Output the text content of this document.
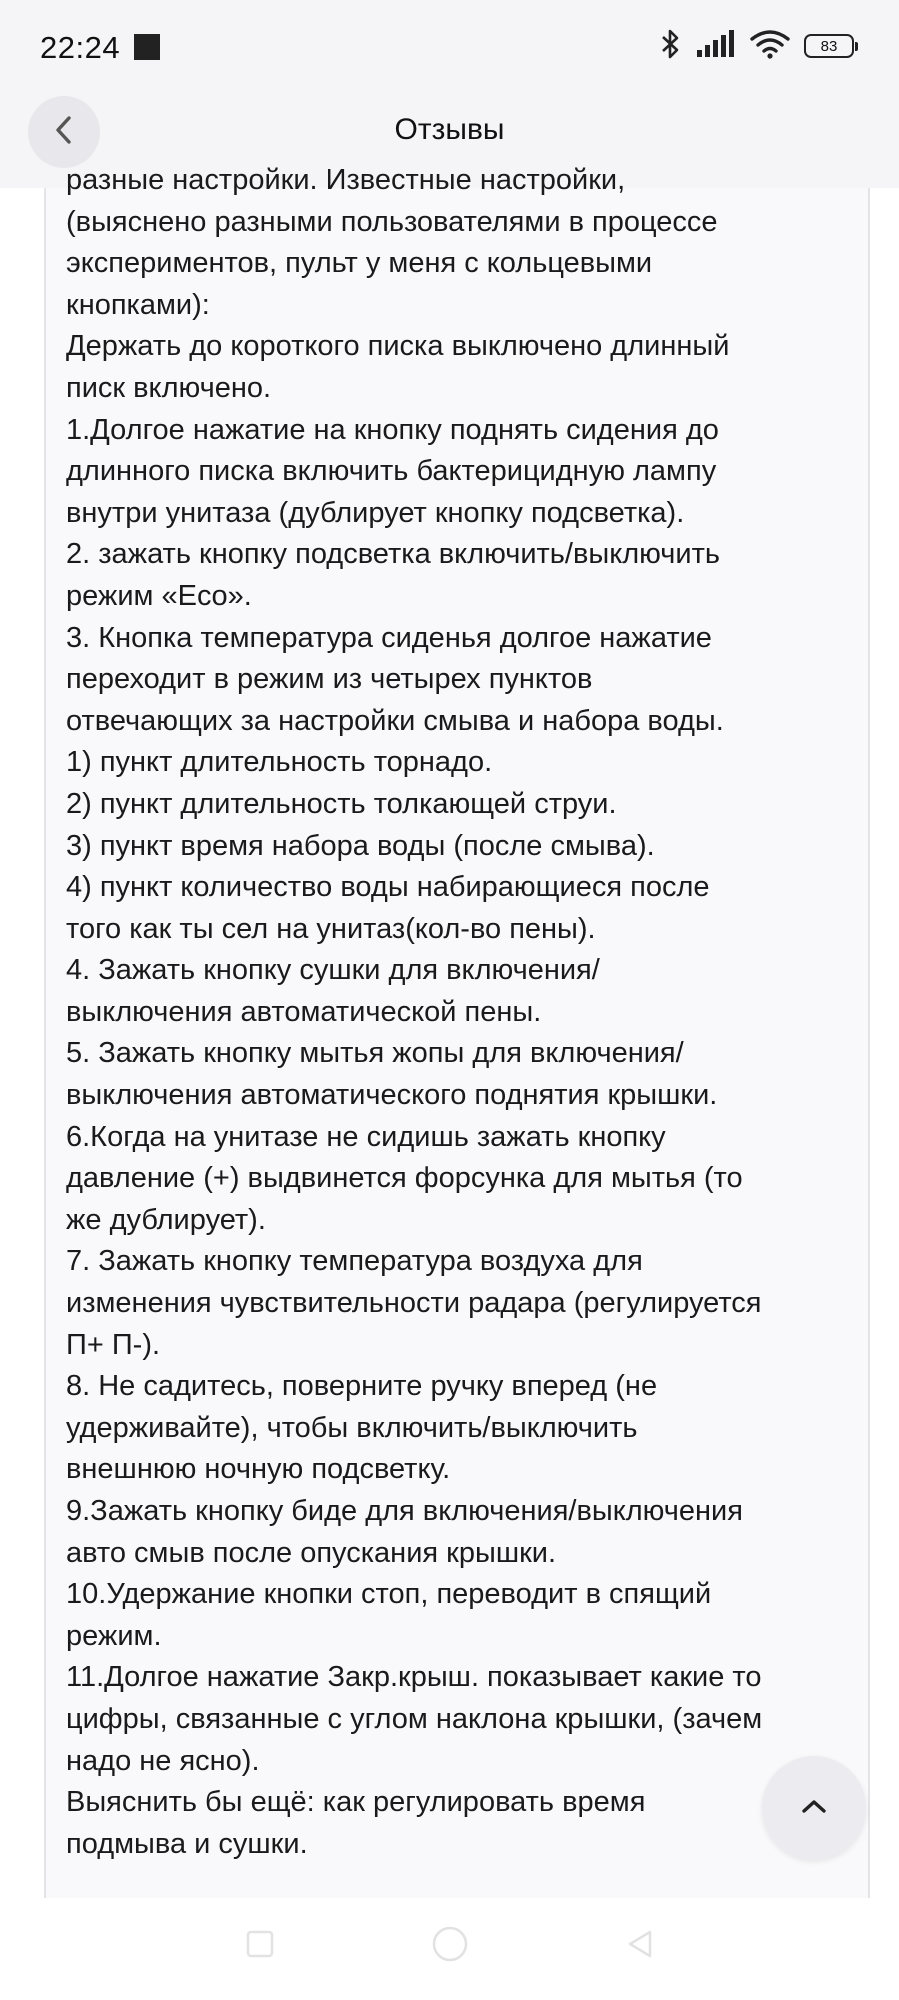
22:24	83
Отзывы
разные настройки. Известные настройки,
(выяснено разными пользователями в процессе
экспериментов, пульт у меня с кольцевыми
кнопками):
Держать до короткого писка выключено длинный
писк включено.
1.Долгое нажатие на кнопку поднять сидения до
длинного писка включить бактерицидную лампу
внутри унитаза (дублирует кнопку подсветка).
2. зажать кнопку подсветка включить/выключить
режим «Eco».
3. Кнопка температура сиденья долгое нажатие
переходит в режим из четырех пунктов
отвечающих за настройки смыва и набора воды.
1) пункт длительность торнадо.
2) пункт длительность толкающей струи.
3) пункт время набора воды (после смыва).
4) пункт количество воды набирающиеся после
того как ты сел на унитаз(кол-во пены).
4. Зажать кнопку сушки для включения/
выключения автоматической пены.
5. Зажать кнопку мытья жопы для включения/
выключения автоматического поднятия крышки.
6.Когда на унитазе не сидишь зажать кнопку
давление (+) выдвинется форсунка для мытья (то
же дублирует).
7. Зажать кнопку температура воздуха для
изменения чувствительности радара (регулируется
П+ П-).
8. Не садитесь, поверните ручку вперед (не
удерживайте), чтобы включить/выключить
внешнюю ночную подсветку.
9.Зажать кнопку биде для включения/выключения
авто смыв после опускания крышки.
10.Удержание кнопки стоп, переводит в спящий
режим.
11.Долгое нажатие Закр.крыш. показывает какие то
цифры, связанные с углом наклона крышки, (зачем
надо не ясно).
Выяснить бы ещё: как регулировать время
подмыва и сушки.
